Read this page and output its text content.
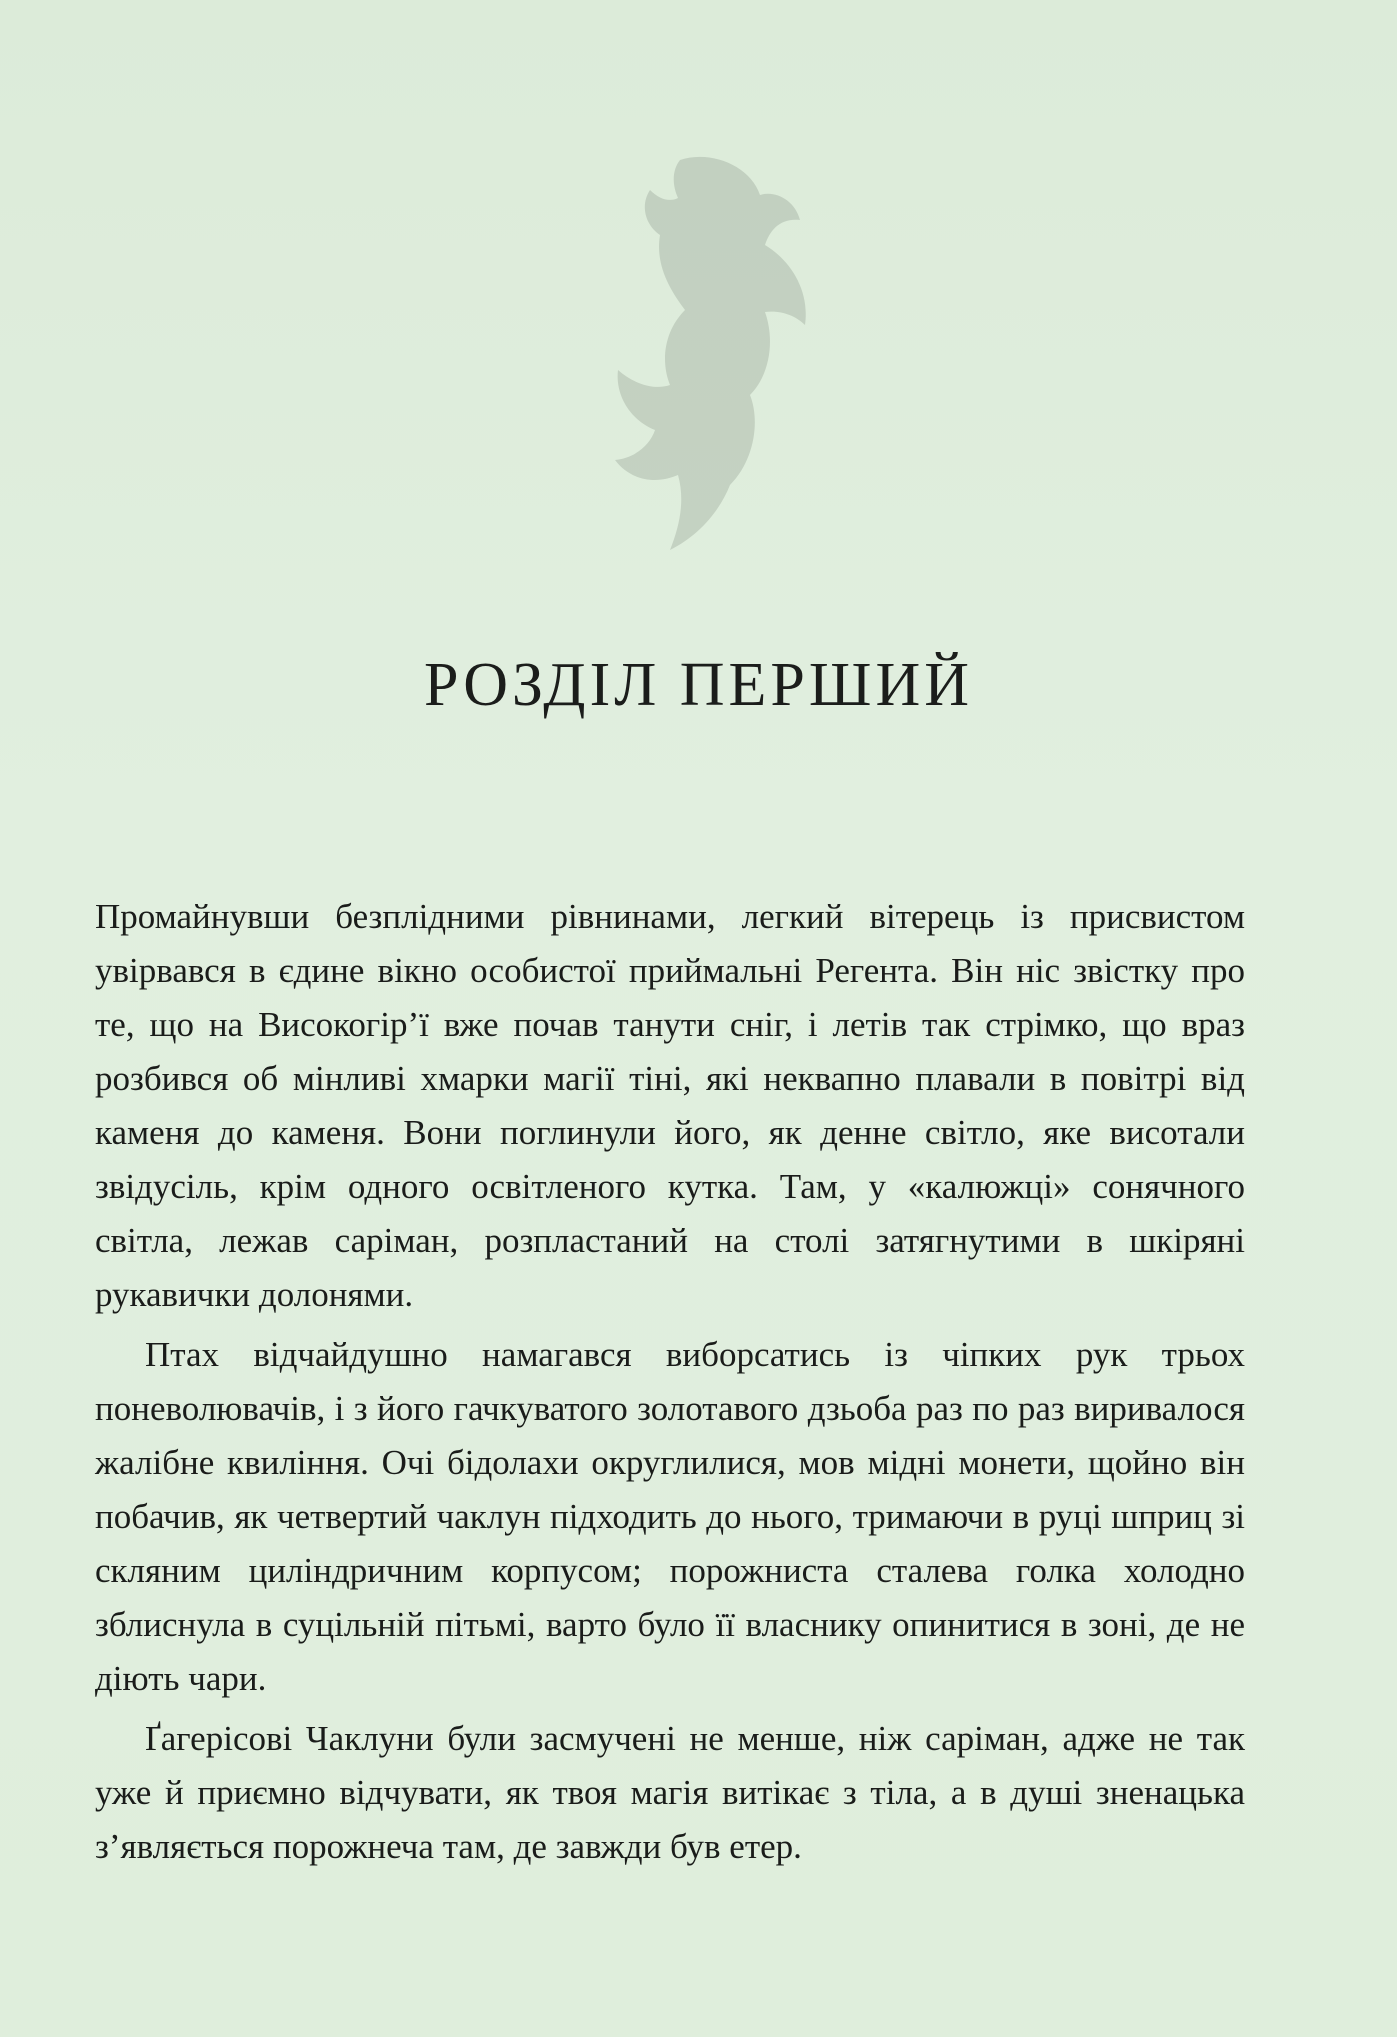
РОЗДІЛ ПЕРШИЙ

Промайнувши безплідними рівнинами, легкий вітерець із присвистом увірвався в єдине вікно особистої приймальні Регента. Він ніс звістку про те, що на Високогір’ї вже почав танути сніг, і летів так стрімко, що враз розбився об мінливі хмарки магії тіні, які неквапно плавали в повітрі від каменя до каменя. Вони поглинули його, як денне світло, яке висотали звідусіль, крім одного освітленого кутка. Там, у «калюжці» сонячного світла, лежав саріман, розпластаний на столі затягнутими в шкіряні рукавички долонями.

Птах відчайдушно намагався виборсатись із чіпких рук трьох поневолювачів, і з його гачкуватого золотавого дзьоба раз по раз виривалося жалібне квиління. Очі бідолахи округлилися, мов мідні монети, щойно він побачив, як четвертий чаклун підходить до нього, тримаючи в руці шприц зі скляним циліндричним корпусом; порожниста сталева голка холодно зблиснула в суцільній пітьмі, варто було її власнику опинитися в зоні, де не діють чари.

Ґагерісові Чаклуни були засмучені не менше, ніж саріман, адже не так уже й приємно відчувати, як твоя магія витікає з тіла, а в душі зненацька з’являється порожнеча там, де завжди був етер.
